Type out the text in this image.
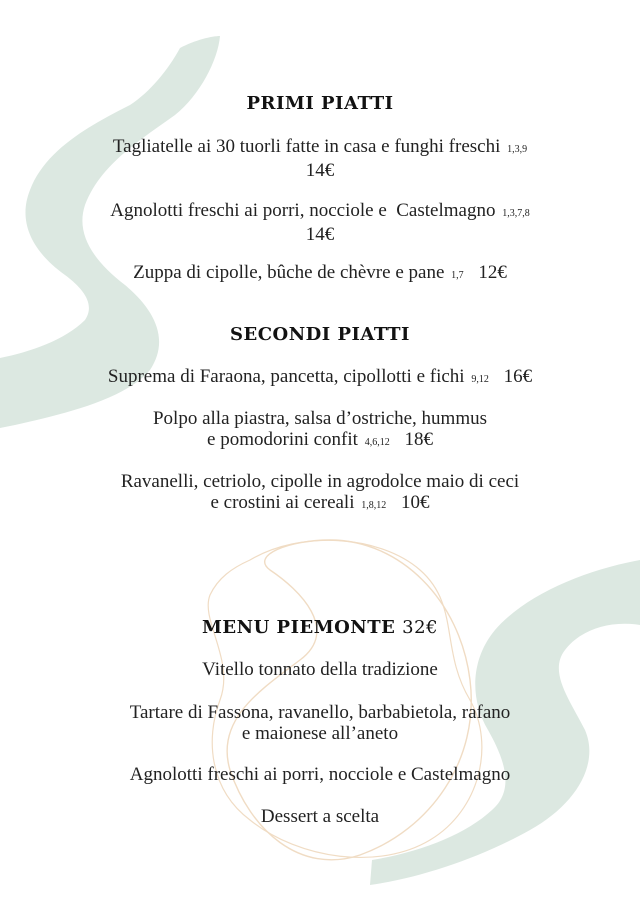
PRIMI PIATTI
Tagliatelle ai 30 tuorli fatte in casa e funghi freschi 1,3,9
14€
Agnolotti freschi ai porri, nocciole e  Castelmagno 1,3,7,8
14€
Zuppa di cipolle, bûche de chèvre e pane 1,7 12€
SECONDI PIATTI
Suprema di Faraona, pancetta, cipollotti e fichi 9,12 16€
Polpo alla piastra, salsa d’ostriche, hummus
e pomodorini confit 4,6,12 18€
Ravanelli, cetriolo, cipolle in agrodolce maio di ceci
e crostini ai cereali 1,8,12 10€
MENU PIEMONTE 32€
Vitello tonnato della tradizione
Tartare di Fassona, ravanello, barbabietola, rafano
e maionese all’aneto
Agnolotti freschi ai porri, nocciole e Castelmagno
Dessert a scelta
